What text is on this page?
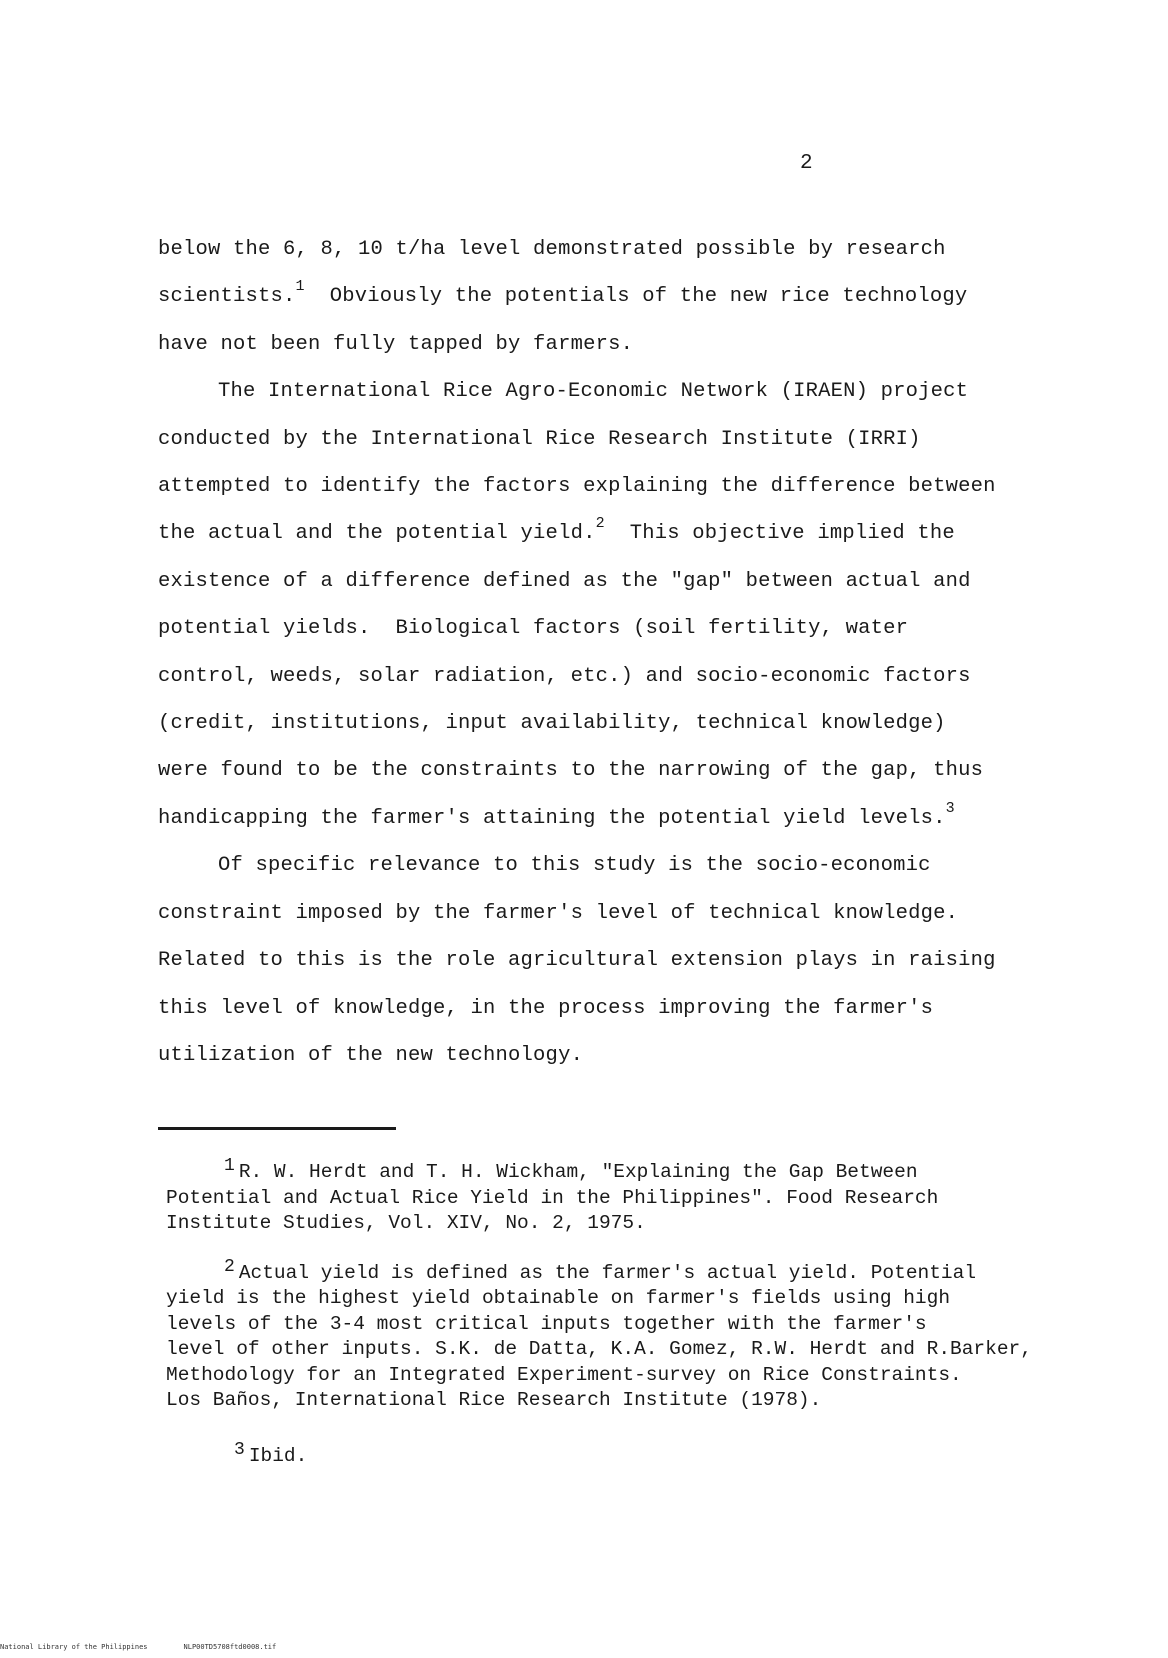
2

below the 6, 8, 10 t/ha level demonstrated possible by research scientists.$^1$  Obviously the potentials of the new rice technology have not been fully tapped by farmers.

The International Rice Agro-Economic Network (IRAEN) project conducted by the International Rice Research Institute (IRRI) attempted to identify the factors explaining the difference between the actual and the potential yield.$^2$  This objective implied the existence of a difference defined as the "gap" between actual and potential yields.  Biological factors (soil fertility, water control, weeds, solar radiation, etc.) and socio-economic factors (credit, institutions, input availability, technical knowledge) were found to be the constraints to the narrowing of the gap, thus handicapping the farmer's attaining the potential yield levels.$^3$

Of specific relevance to this study is the socio-economic constraint imposed by the farmer's level of technical knowledge. Related to this is the role agricultural extension plays in raising this level of knowledge, in the process improving the farmer's utilization of the new technology.

1 R. W. Herdt and T. H. Wickham, "Explaining the Gap Between
Potential and Actual Rice Yield in the Philippines". Food Research
Institute Studies, Vol. XIV, No. 2, 1975.
2 Actual yield is defined as the farmer's actual yield. Potential
yield is the highest yield obtainable on farmer's fields using high
levels of the 3-4 most critical inputs together with the farmer's
level of other inputs. S.K. de Datta, K.A. Gomez, R.W. Herdt and R.Barker,
Methodology for an Integrated Experiment-survey on Rice Constraints.
Los Baños, International Rice Research Institute (1978).
3 Ibid.
National Library of the Philippines	NLP00TD5708ftd0008.tif
